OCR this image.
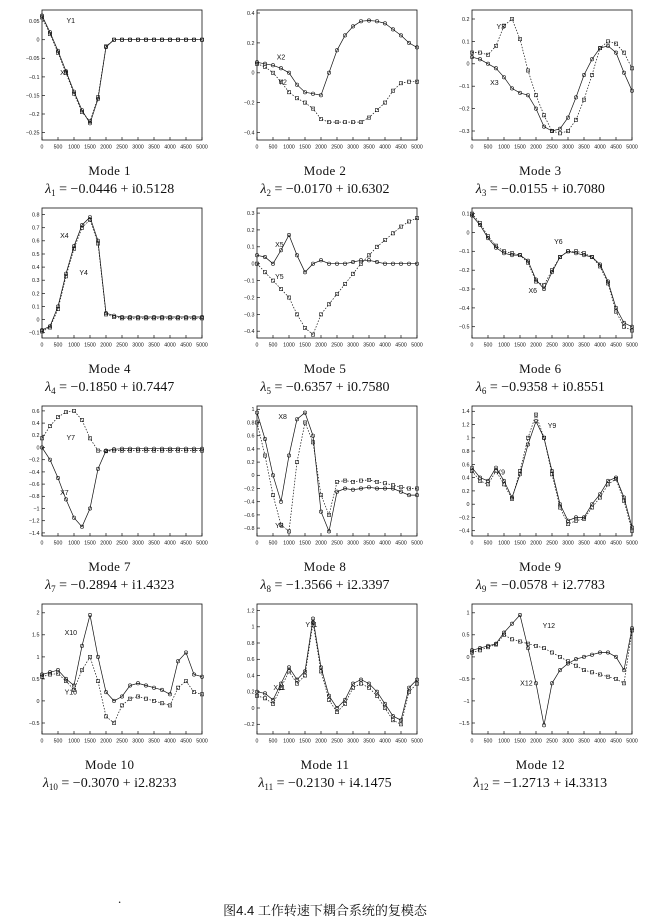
0 500 1000 1500 2000 2500 3000 3500 4000 4500 5000
0.05
0
−0.05
−0.1
−0.15
−0.2
−0.25
Y1
X1
Mode 1
$\lambda_1 = -0.0446 + i0.5128$
0 500 1000 1500 2000 2500 3000 3500 4000 4500 5000
0.4
0.2
0
−0.2
−0.4
X2
Y2
Mode 2
$\lambda_2 = -0.0170 + i0.6302$
0 500 1000 1500 2000 2500 3000 3500 4000 4500 5000
0.2
0.1
0
−0.1
−0.2
−0.3
Y3
X3
Mode 3
$\lambda_3 = -0.0155 + i0.7080$
0 500 1000 1500 2000 2500 3000 3500 4000 4500 5000
0.8
0.7
0.6
0.5
0.4
0.3
0.2
0.1
0
−0.1
X4
Y4
Mode 4
$\lambda_4 = -0.1850 + i0.7447$
0 500 1000 1500 2000 2500 3000 3500 4000 4500 5000
0.3
0.2
0.1
0
−0.1
−0.2
−0.3
−0.4
X5
Y5
Mode 5
$\lambda_5 = -0.6357 + i0.7580$
0 500 1000 1500 2000 2500 3000 3500 4000 4500 5000
0.1
0
−0.1
−0.2
−0.3
−0.4
−0.5
Y6
X6
Mode 6
$\lambda_6 = -0.9358 + i0.8551$
0 500 1000 1500 2000 2500 3000 3500 4000 4500 5000
0.6
0.4
0.2
0
−0.2
−0.4
−0.6
−0.8
−1
−1.2
−1.4
Y7
X7
Mode 7
$\lambda_7 = -0.2894 + i1.4323$
0 500 1000 1500 2000 2500 3000 3500 4000 4500 5000
1
0.8
0.6
0.4
0.2
0
−0.2
−0.4
−0.6
−0.8
X8
Y8
Mode 8
$\lambda_8 = -1.3566 + i2.3397$
0 500 1000 1500 2000 2500 3000 3500 4000 4500 5000
1.4
1.2
1
0.8
0.6
0.4
0.2
0
−0.2
−0.4
Y9
X9
Mode 9
$\lambda_9 = -0.0578 + i2.7783$
0 500 1000 1500 2000 2500 3000 3500 4000 4500 5000
2
1.5
1
0.5
0
−0.5
X10
Y10
Mode 10
$\lambda_{10} = -0.3070 + i2.8233$
0 500 1000 1500 2000 2500 3000 3500 4000 4500 5000
1.2
1
0.8
0.6
0.4
0.2
0
−0.2
Y11
X11
Mode 11
$\lambda_{11} = -0.2130 + i4.1475$
0 500 1000 1500 2000 2500 3000 3500 4000 4500 5000
1
0.5
0
−0.5
−1
−1.5
Y12
X12
Mode 12
$\lambda_{12} = -1.2713 + i4.3313$
.
图4.4 工作转速下耦合系统的复模态
